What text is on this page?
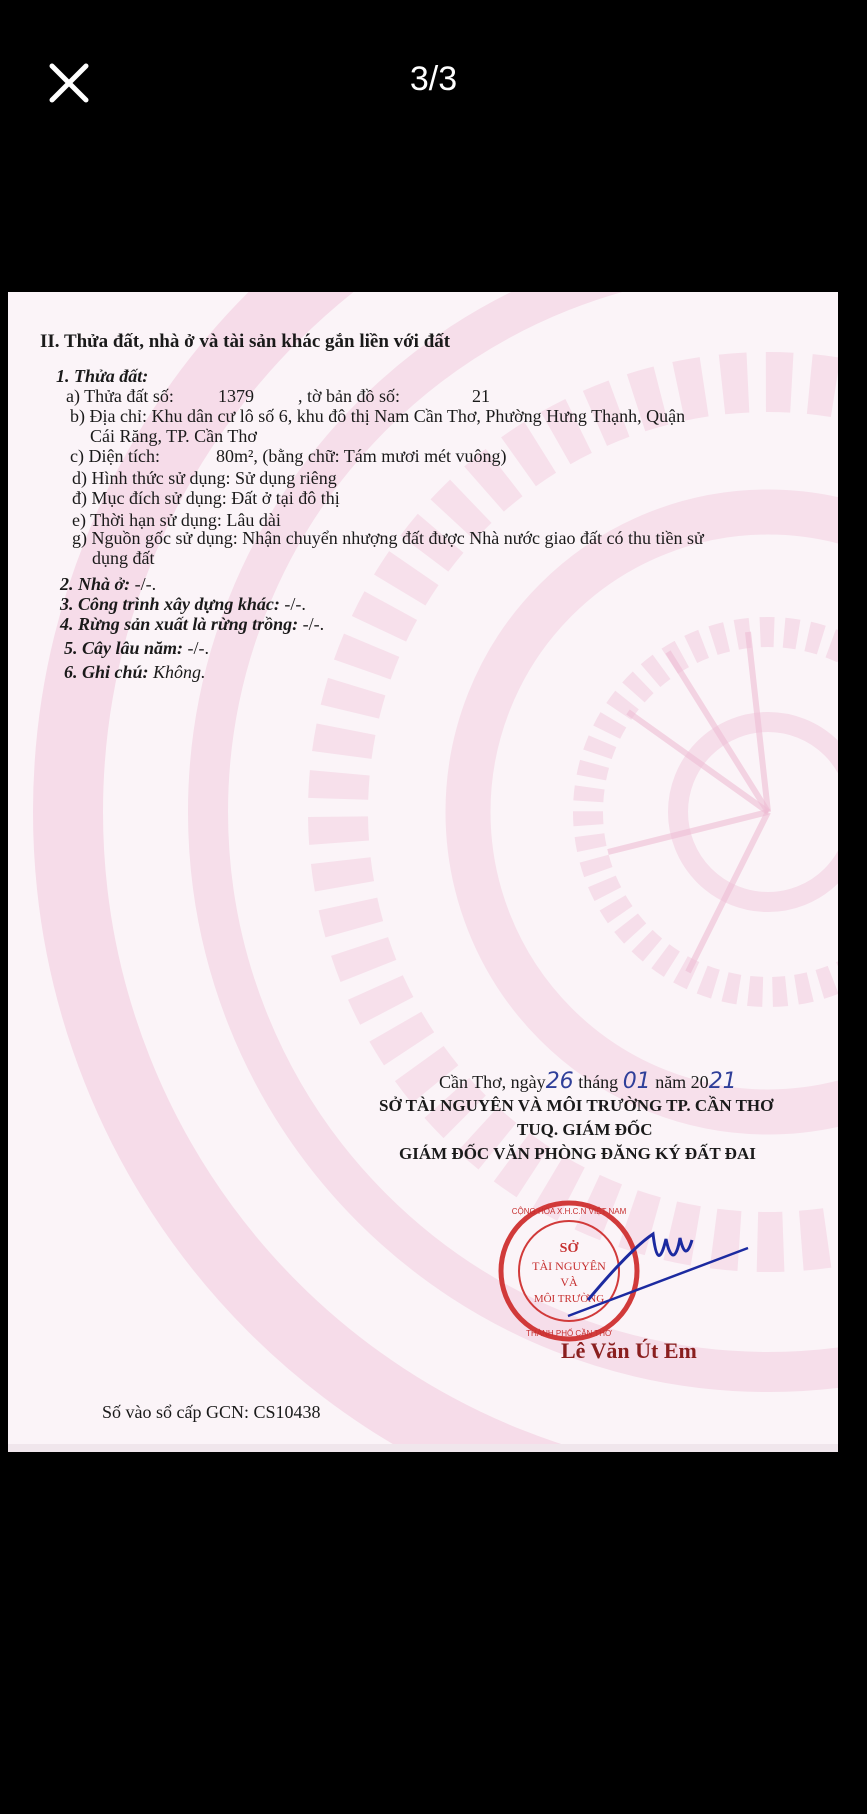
3/3
II. Thửa đất, nhà ở và tài sản khác gắn liền với đất
1. Thửa đất:
a) Thửa đất số: 1379 , tờ bản đồ số:	21
b) Địa chỉ: Khu dân cư lô số 6, khu đô thị Nam Cần Thơ, Phường Hưng Thạnh, Quận
Cái Răng, TP. Cần Thơ
c) Diện tích:	80m², (bằng chữ: Tám mươi mét vuông)
d) Hình thức sử dụng: Sử dụng riêng
đ) Mục đích sử dụng: Đất ở tại đô thị
e) Thời hạn sử dụng: Lâu dài
g) Nguồn gốc sử dụng: Nhận chuyển nhượng đất được Nhà nước giao đất có thu tiền sử
dụng đất
2. Nhà ở: -/-.
3. Công trình xây dựng khác: -/-.
4. Rừng sản xuất là rừng trồng: -/-.
5. Cây lâu năm: -/-.
6. Ghi chú: Không.
Cần Thơ, ngày26 tháng 01 năm 2021
SỞ TÀI NGUYÊN VÀ MÔI TRƯỜNG TP. CẦN THƠ
TUQ. GIÁM ĐỐC
GIÁM ĐỐC VĂN PHÒNG ĐĂNG KÝ ĐẤT ĐAI
SỞ
TÀI NGUYÊN
VÀ
MÔI TRƯỜNG
CỘNG HÒA X.H.C.N VIỆT NAM
THÀNH PHỐ CẦN THƠ
Lê Văn Út Em
Số vào sổ cấp GCN: CS10438
